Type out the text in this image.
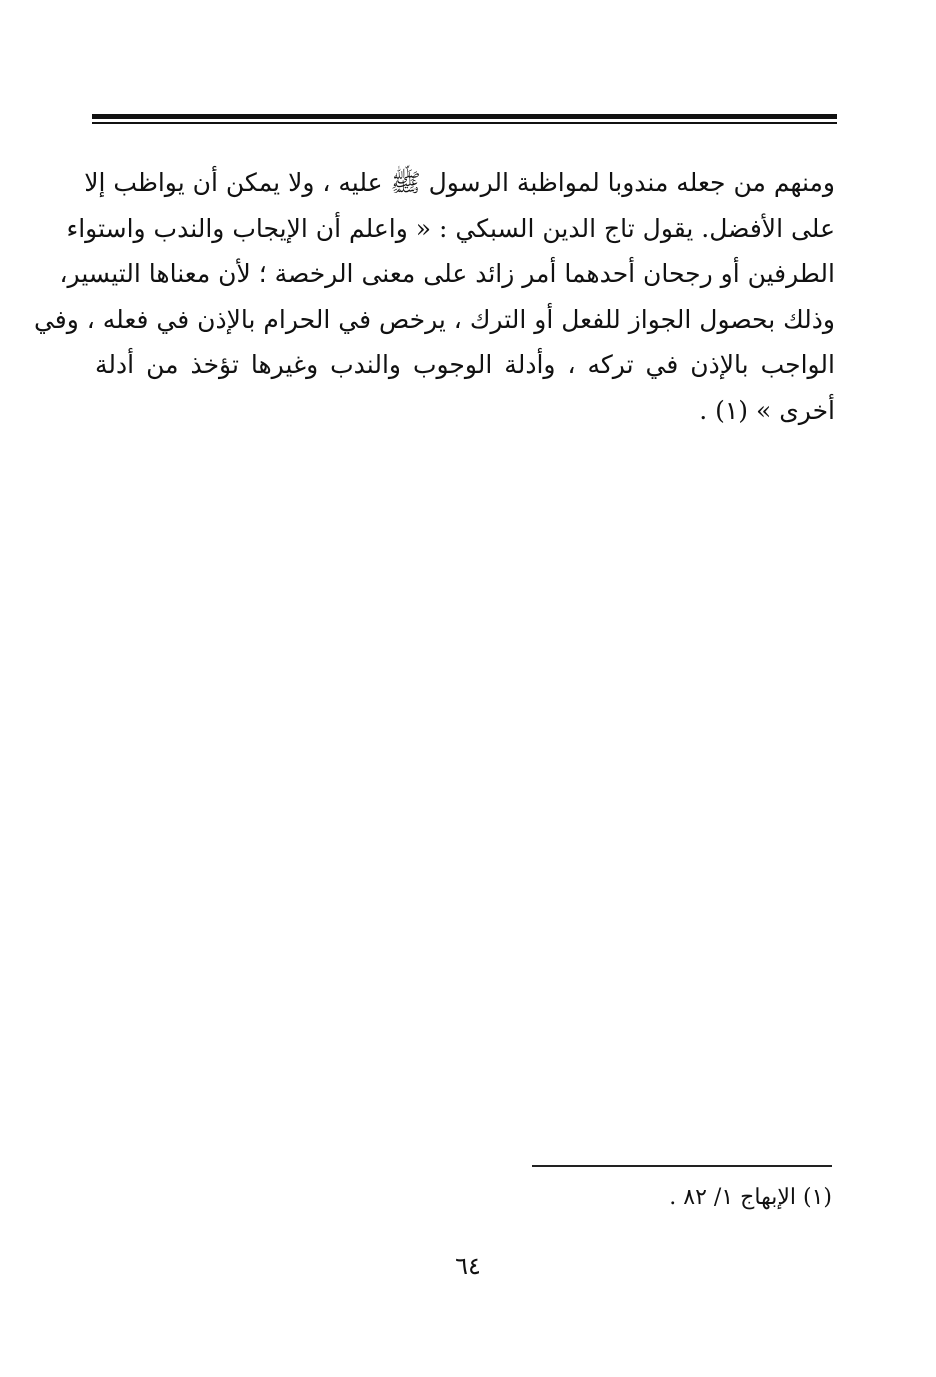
ومنهم من جعله مندوبا لمواظبة الرسول ﷺ عليه ، ولا يمكن أن يواظب إلا
على الأفضل. يقول تاج الدين السبكي : « واعلم أن الإيجاب والندب واستواء
الطرفين أو رجحان أحدهما أمر زائد على معنى الرخصة ؛ لأن معناها التيسير،
وذلك بحصول الجواز للفعل أو الترك ، يرخص في الحرام بالإذن في فعله ، وفي
الواجب بالإذن في تركه ، وأدلة الوجوب والندب وغيرها تؤخذ من أدلة
أخرى » (١) .
(١) الإبهاج ١/ ٨٢ .
٦٤
